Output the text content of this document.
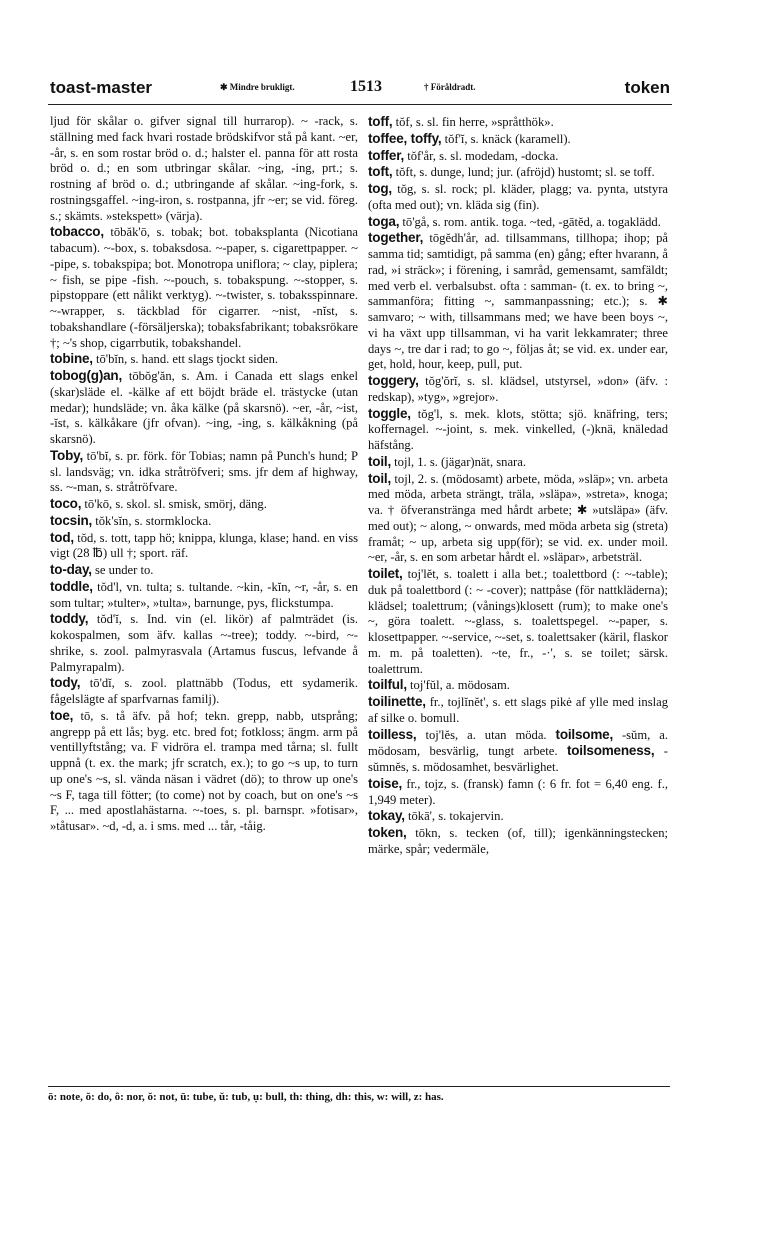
toast-master	✱ Mindre brukligt.	1513	† Föråldradt.	token

ljud för skålar o. gifver signal till hurrarop). ~ -rack, s. ställning med fack hvari rostade brödskifvor stå på kant. ~er, -år, s. en som rostar bröd o. d.; halster el. panna för att rosta bröd o. d.; en som utbringar skålar. ~ing, -ing, prt.; s. rostning af bröd o. d.; utbringande af skålar. ~ing-fork, s. rostningsgaffel. ~ing-iron, s. rostpanna, jfr ~er; se vid. föreg. s.; skämts. »stekspett» (värja).

tobacco, tōbăk'ō, s. tobak; bot. tobaksplanta (Nicotiana tabacum). ~-box, s. tobaksdosa. ~-paper, s. cigarettpapper. ~ -pipe, s. tobakspipa; bot. Monotropa uniflora; ~ clay, piplera; ~ fish, se pipe -fish. ~-pouch, s. tobakspung. ~-stopper, s. pipstoppare (ett nålikt verktyg). ~-twister, s. tobaksspinnare. ~-wrapper, s. täckblad för cigarrer. ~nist, -nĭst, s. tobakshandlare (-försäljerska); tobaksfabrikant; tobaksrökare †; ~'s shop, cigarrbutik, tobakshandel.

tobine, tō'bĭn, s. hand. ett slags tjockt siden.

tobog(g)an, tōbŏg'ăn, s. Am. i Canada ett slags enkel (skar)släde el. -kälke af ett böjdt bräde el. trästycke (utan medar); hundsläde; vn. åka kälke (på skarsnö). ~er, -år, ~ist, -ĭst, s. kälkåkare (jfr ofvan). ~ing, -ing, s. kälkåkning (på skarsnö).

Toby, tō'bĭ, s. pr. förk. för Tobias; namn på Punch's hund; P sl. landsväg; vn. idka stråtröfveri; sms. jfr dem af highway, ss. ~-man, s. stråtröfvare.

toco, tō'kō, s. skol. sl. smisk, smörj, däng.

tocsin, tŏk'sĭn, s. stormklocka.

tod, tŏd, s. tott, tapp hö; knippa, klunga, klase; hand. en viss vigt (28 ℔) ull †; sport. räf.

to-day, se under to.

toddle, tŏd'l, vn. tulta; s. tultande. ~kin, -kĭn, ~r, -år, s. en som tultar; »tulter», »tulta», barnunge, pys, flickstumpa.

toddy, tŏd'ĭ, s. Ind. vin (el. likör) af palmträdet (is. kokospalmen, som äfv. kallas ~-tree); toddy. ~-bird, ~-shrike, s. zool. palmyrasvala (Artamus fuscus, lefvande å Palmyrapalm).

tody, tō'dĭ, s. zool. plattnäbb (Todus, ett sydamerik. fågelslägte af sparfvarnas familj).

toe, tō, s. tå äfv. på hof; tekn. grepp, nabb, utsprång; angrepp på ett lås; byg. etc. bred fot; fotkloss; ängm. arm på ventillyftstång; va. F vidröra el. trampa med tårna; sl. fullt uppnå (t. ex. the mark; jfr scratch, ex.); to go ~s up, to turn up one's ~s, sl. vända näsan i vädret (dö); to throw up one's ~s F, taga till fötter; (to come) not by coach, but on one's ~s F, ... med apostlahästarna. ~-toes, s. pl. barnspr. »fotisar», »tåtusar». ~d, -d, a. i sms. med ... tår, -tåig.

toff, tŏf, s. sl. fin herre, »språtthök».

toffee, toffy, tŏf'ĭ, s. knäck (karamell).

toffer, tŏf'år, s. sl. modedam, -docka.

toft, tŏft, s. dunge, lund; jur. (afröjd) hustomt; sl. se toff.

tog, tŏg, s. sl. rock; pl. kläder, plagg; va. pynta, utstyra (ofta med out); vn. kläda sig (fin).

toga, tō'gå, s. rom. antik. toga. ~ted, -gātĕd, a. togaklädd.

together, tōgĕdh'år, ad. tillsammans, tillhopa; ihop; på samma tid; samtidigt, på samma (en) gång; efter hvarann, å rad, »i sträck»; i förening, i samråd, gemensamt, samfäldt; med verb el. verbalsubst. ofta : samman- (t. ex. to bring ~, sammanföra; fitting ~, sammanpassning; etc.); s. ✱ samvaro; ~ with, tillsammans med; we have been boys ~, vi ha växt upp tillsamman, vi ha varit lekkamrater; three days ~, tre dar i rad; to go ~, följas åt; se vid. ex. under ear, get, hold, hour, keep, pull, put.

toggery, tŏg'ŏrĭ, s. sl. klädsel, utstyrsel, »don» (äfv. : redskap), »tyg», »grejor».

toggle, tŏg'l, s. mek. klots, stötta; sjö. knäfring, ters; koffernagel. ~-joint, s. mek. vinkelled, (-)knä, knäledad häfstång.

toil, tojl, 1. s. (jägar)nät, snara.

toil, tojl, 2. s. (mödosamt) arbete, möda, »släp»; vn. arbeta med möda, arbeta strängt, träla, »släpa», »streta», knoga; va. † öfveranstränga med hårdt arbete; ✱ »utsläpa» (äfv. med out); ~ along, ~ onwards, med möda arbeta sig (streta) framåt; ~ up, arbeta sig upp(för); se vid. ex. under moil. ~er, -år, s. en som arbetar hårdt el. »släpar», arbetsträl.

toilet, toj'lĕt, s. toalett i alla bet.; toalettbord (: ~-table); duk på toalettbord (: ~ -cover); nattpåse (för nattkläderna); klädsel; toalettrum; (vånings)klosett (rum); to make one's ~, göra toalett. ~-glass, s. toalettspegel. ~-paper, s. klosettpapper. ~-service, ~-set, s. toalettsaker (käril, flaskor m. m. på toaletten). ~te, fr., -·', s. se toilet; särsk. toalettrum.

toilful, toj'fŭl, a. mödosam.

toilinette, fr., tojlĭnĕt', s. ett slags pikė af ylle med inslag af silke o. bomull.

toilless, toj'lĕs, a. utan möda. toilsome, -sŭm, a. mödosam, besvärlig, tungt arbete. toilsomeness, -sŭmnĕs, s. mödosamhet, besvärlighet.

toise, fr., tojz, s. (fransk) famn (: 6 fr. fot = 6,40 eng. f., 1,949 meter).

tokay, tōkā', s. tokajervin.

token, tōkn, s. tecken (of, till); igenkänningstecken; märke, spår; vedermäle,

ō: note, ŏ: do, ȏ: nor, ŏ: not, ū: tube, ŭ: tub, ụ: bull, th: thing, dh: this, w: will, z: has.
